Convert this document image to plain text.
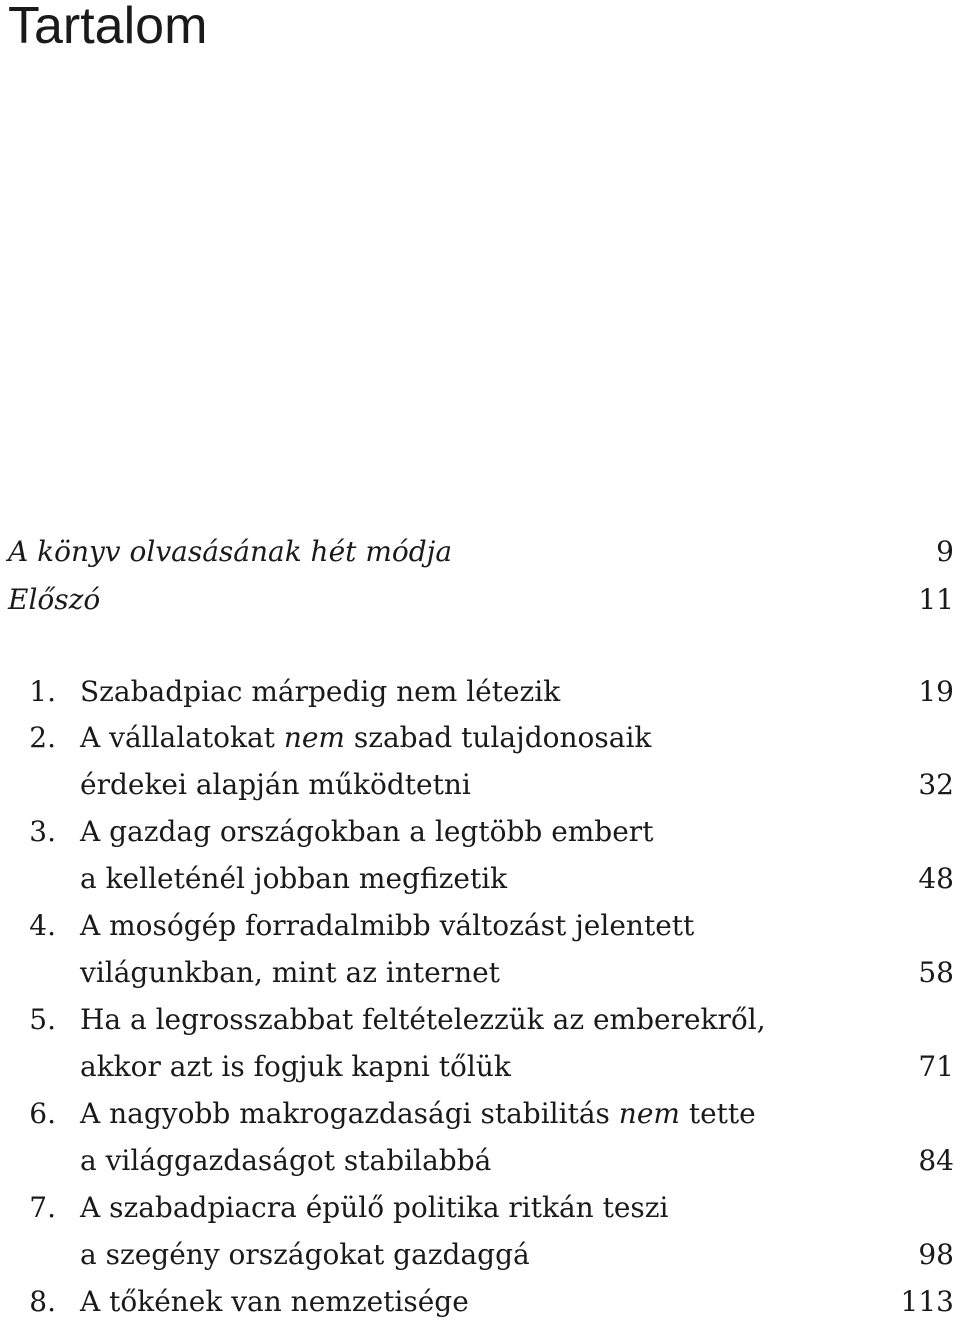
Tartalom
A könyv olvasásának hét módja	9
Előszó	11
1. Szabadpiac márpedig nem létezik	19
2. A vállalatokat nem szabad tulajdonosaik
érdekei alapján működtetni	32
3. A gazdag országokban a legtöbb embert
a kelleténél jobban megfizetik	48
4. A mosógép forradalmibb változást jelentett
világunkban, mint az internet	58
5. Ha a legrosszabbat feltételezzük az emberekről,
akkor azt is fogjuk kapni tőlük	71
6. A nagyobb makrogazdasági stabilitás nem tette
a világgazdaságot stabilabbá	84
7. A szabadpiacra épülő politika ritkán teszi
a szegény országokat gazdaggá	98
8. A tőkének van nemzetisége	113
